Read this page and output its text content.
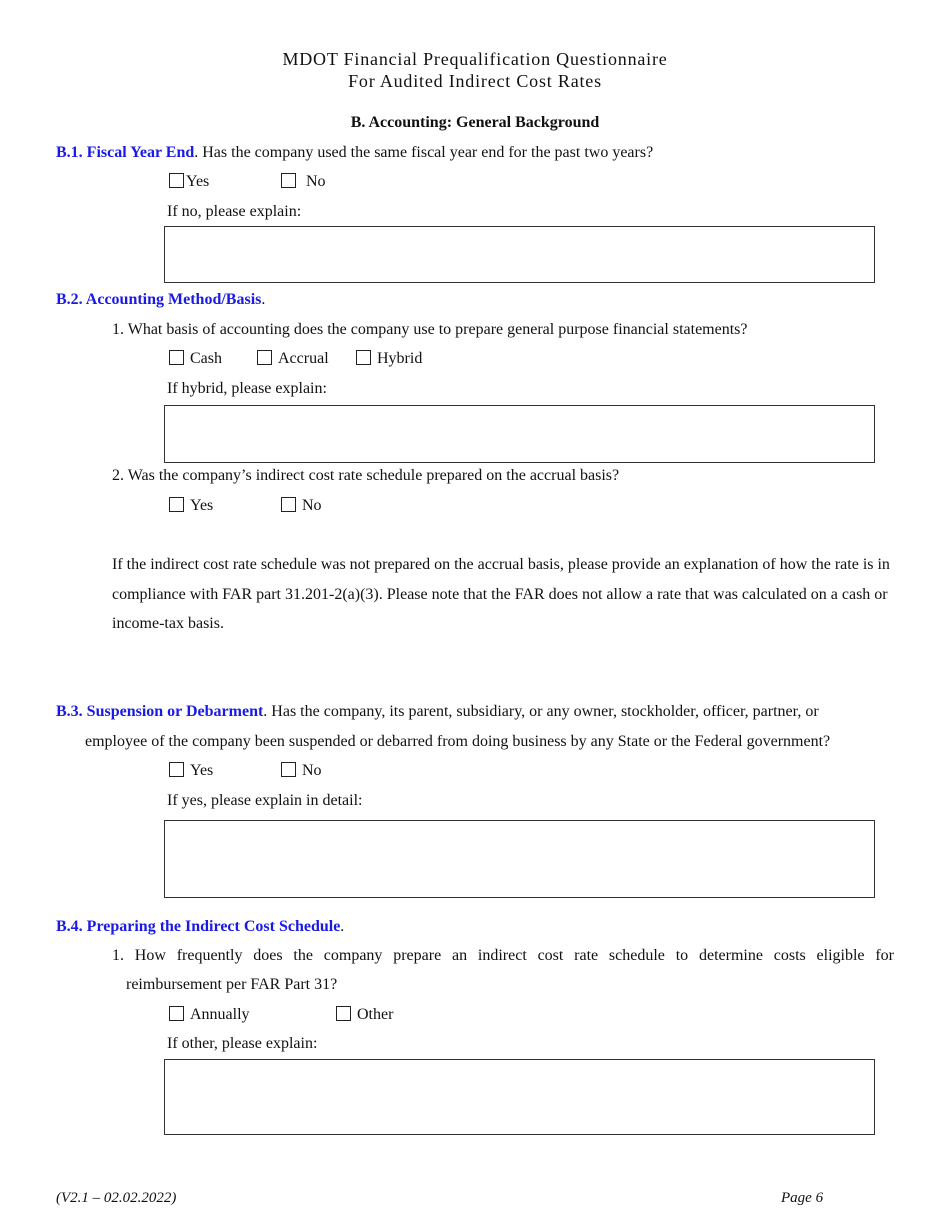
MDOT Financial Prequalification Questionnaire
For Audited Indirect Cost Rates
B. Accounting: General Background
B.1. Fiscal Year End. Has the company used the same fiscal year end for the past two years?
Yes	No
If no, please explain:
B.2. Accounting Method/Basis.
1. What basis of accounting does the company use to prepare general purpose financial statements?
Cash	Accrual	Hybrid
If hybrid, please explain:
2. Was the company’s indirect cost rate schedule prepared on the accrual basis?
Yes	No
If the indirect cost rate schedule was not prepared on the accrual basis, please provide an explanation of how the rate is in compliance with FAR part 31.201-2(a)(3). Please note that the FAR does not allow a rate that was calculated on a cash or income-tax basis.
B.3. Suspension or Debarment. Has the company, its parent, subsidiary, or any owner, stockholder, officer, partner, or
employee of the company been suspended or debarred from doing business by any State or the Federal government?
Yes	No
If yes, please explain in detail:
B.4. Preparing the Indirect Cost Schedule.
1. How frequently does the company prepare an indirect cost rate schedule to determine costs eligible for
reimbursement per FAR Part 31?
Annually	Other
If other, please explain:
(V2.1 – 02.02.2022)	Page 6
